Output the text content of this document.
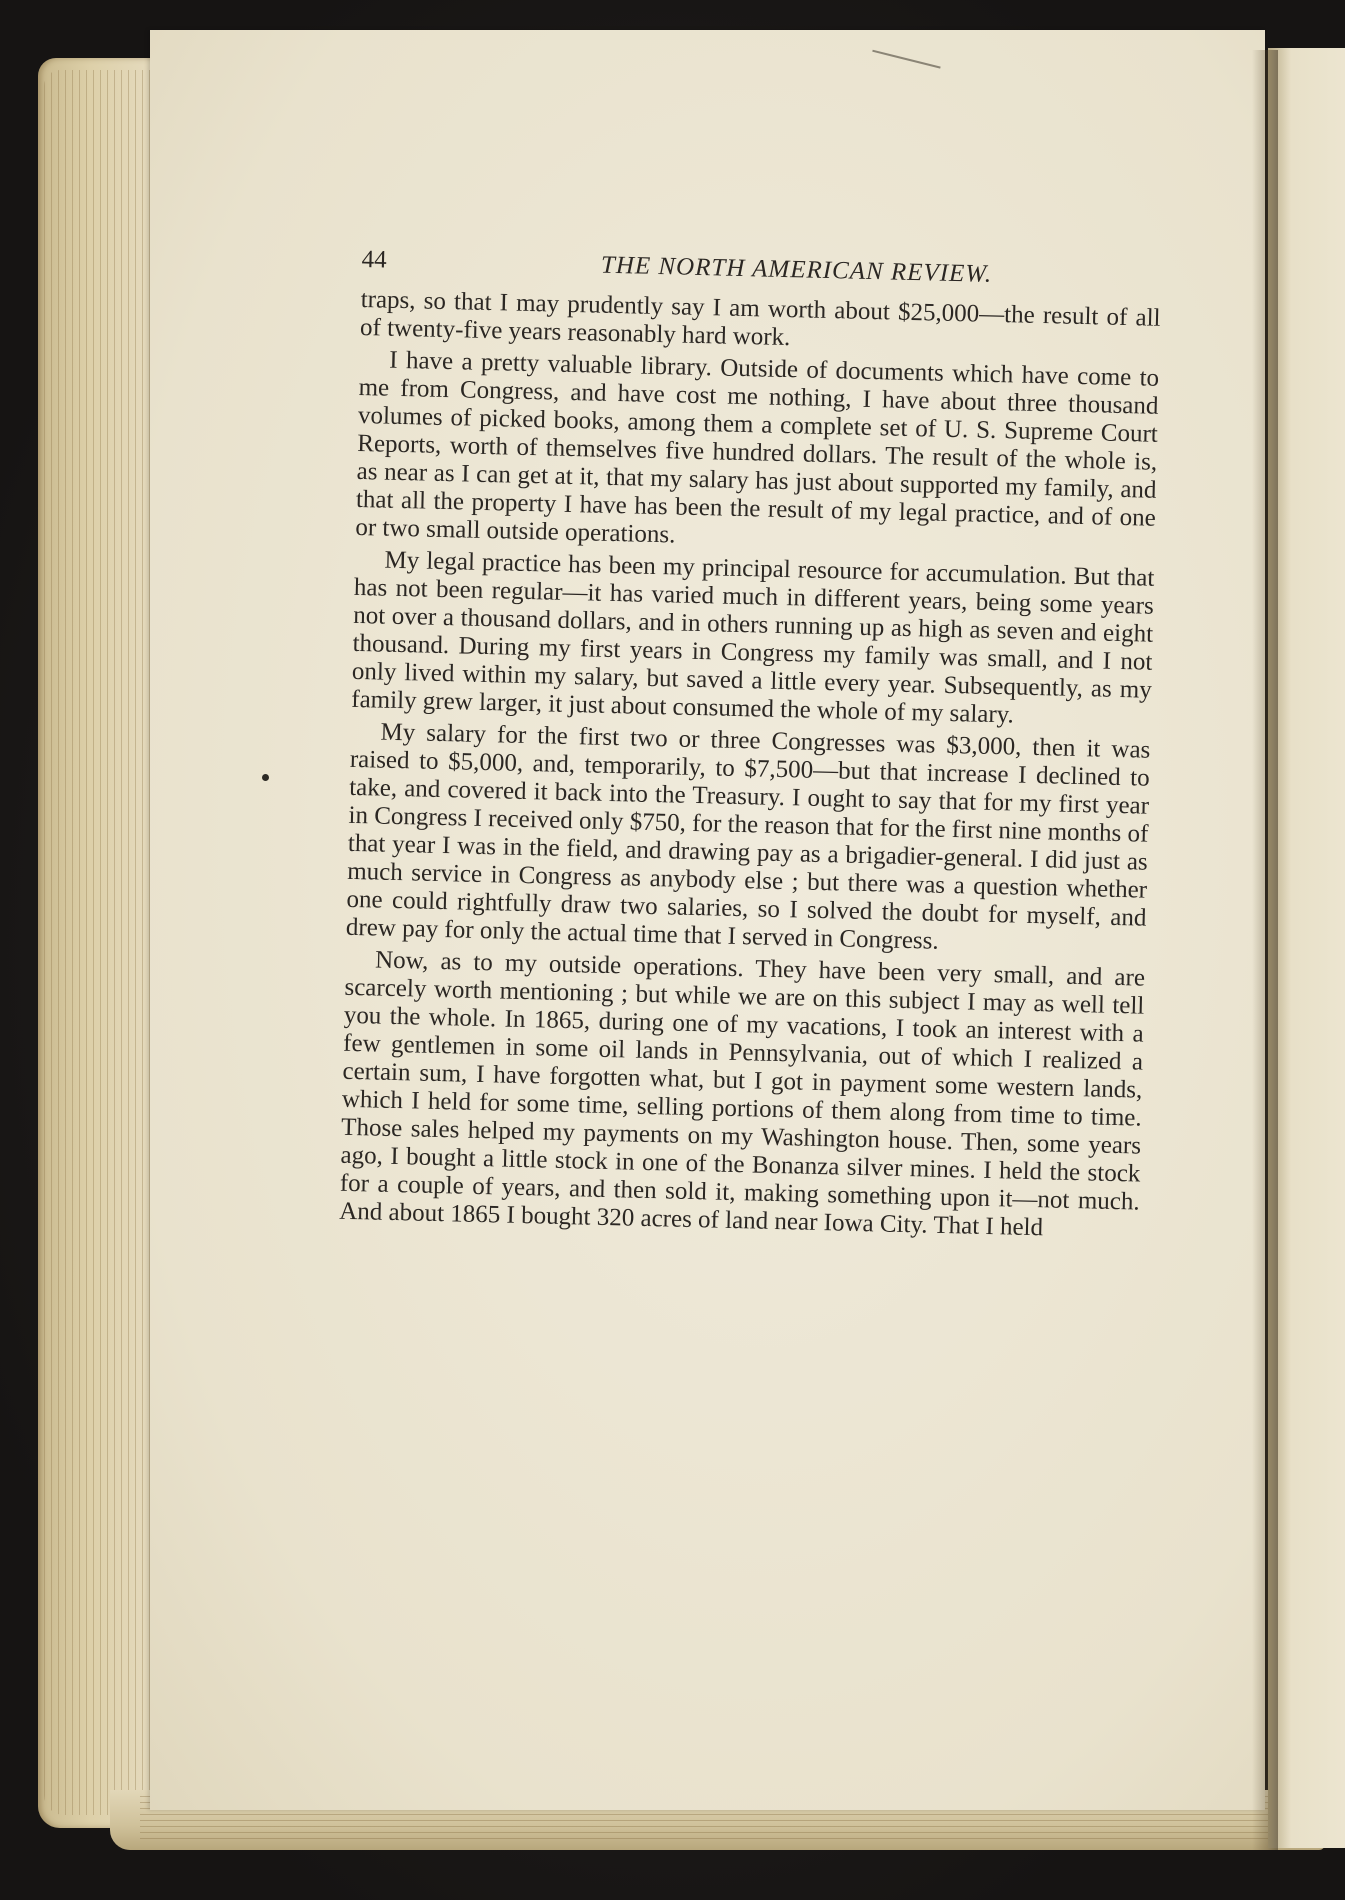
44	THE NORTH AMERICAN REVIEW.

traps, so that I may prudently say I am worth about $25,000—the result of all of twenty-five years reasonably hard work.

I have a pretty valuable library. Outside of documents which have come to me from Congress, and have cost me nothing, I have about three thousand volumes of picked books, among them a complete set of U. S. Supreme Court Reports, worth of themselves five hundred dollars. The result of the whole is, as near as I can get at it, that my salary has just about supported my family, and that all the property I have has been the result of my legal practice, and of one or two small outside operations.

My legal practice has been my principal resource for accumulation. But that has not been regular—it has varied much in different years, being some years not over a thousand dollars, and in others running up as high as seven and eight thousand. During my first years in Congress my family was small, and I not only lived within my salary, but saved a little every year. Subsequently, as my family grew larger, it just about consumed the whole of my salary.

My salary for the first two or three Congresses was $3,000, then it was raised to $5,000, and, temporarily, to $7,500—but that increase I declined to take, and covered it back into the Treasury. I ought to say that for my first year in Congress I received only $750, for the reason that for the first nine months of that year I was in the field, and drawing pay as a brigadier-general. I did just as much service in Congress as anybody else ; but there was a question whether one could rightfully draw two salaries, so I solved the doubt for myself, and drew pay for only the actual time that I served in Congress.

Now, as to my outside operations. They have been very small, and are scarcely worth mentioning ; but while we are on this subject I may as well tell you the whole. In 1865, during one of my vacations, I took an interest with a few gentlemen in some oil lands in Pennsylvania, out of which I realized a certain sum, I have forgotten what, but I got in payment some western lands, which I held for some time, selling portions of them along from time to time. Those sales helped my payments on my Washington house. Then, some years ago, I bought a little stock in one of the Bonanza silver mines. I held the stock for a couple of years, and then sold it, making something upon it—not much. And about 1865 I bought 320 acres of land near Iowa City. That I held
